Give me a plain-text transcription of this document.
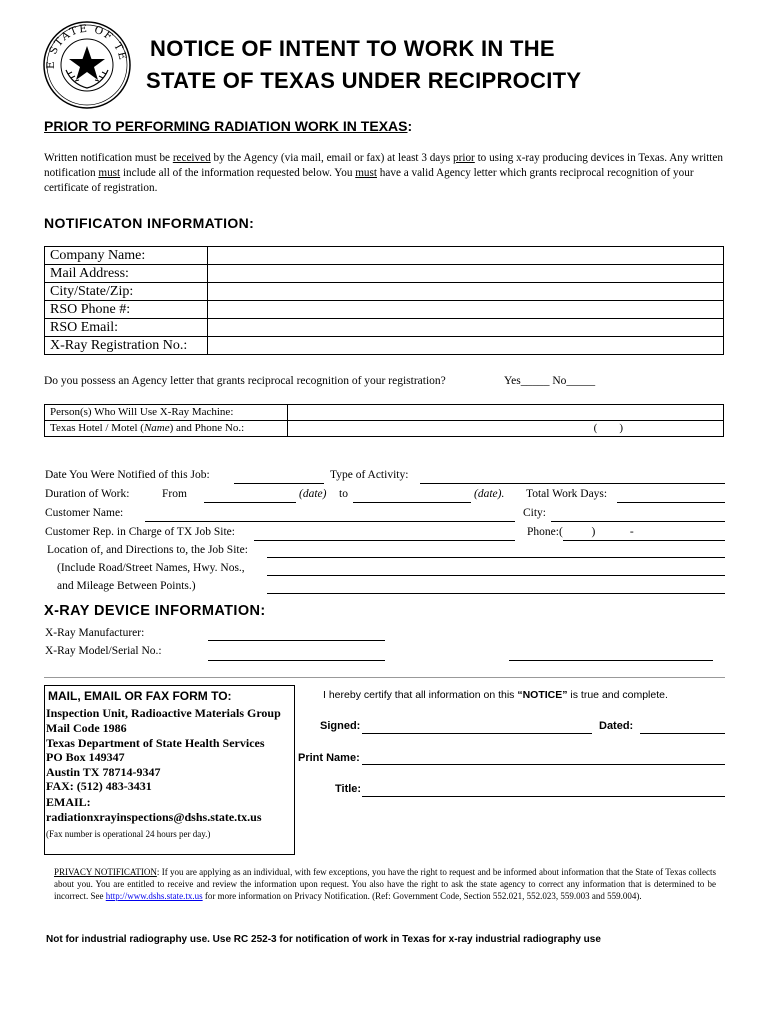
E STATE OF TE NOTICE OF INTENT TO WORK IN THE
STATE OF TEXAS UNDER RECIPROCITY
PRIOR TO PERFORMING RADIATION WORK IN TEXAS:
Written notification must be received by the Agency (via mail, email or fax) at least 3 days prior to using x-ray producing devices in Texas. Any written notification must include all of the information requested below. You must have a valid Agency letter which grants reciprocal recognition of your certificate of registration.
NOTIFICATON INFORMATION:
Company Name:	
Mail Address:	
City/State/Zip:	
RSO Phone #:	
RSO Email:	
X-Ray Registration No.:	
Do you possess an Agency letter that grants reciprocal recognition of your registration?	Yes_____ No_____
Person(s) Who Will Use X-Ray Machine:	
Texas Hotel / Motel (Name) and Phone No.:	(        )
Date You Were Notified of this Job:	Type of Activity:
Duration of Work:	From	(date) to	(date). Total Work Days:
Customer Name:	City:
Customer Rep. in Charge of TX Job Site:	Phone:(          )            -
Location of, and Directions to, the Job Site:
(Include Road/Street Names, Hwy. Nos.,
and Mileage Between Points.)
X-RAY DEVICE INFORMATION:
X-Ray Manufacturer:
X-Ray Model/Serial No.:
MAIL, EMAIL OR FAX FORM TO:
Inspection Unit, Radioactive Materials Group
Mail Code 1986
Texas Department of State Health Services
PO Box 149347
Austin TX 78714-9347
FAX: (512) 483-3431
EMAIL:
radiationxrayinspections@dshs.state.tx.us
(Fax number is operational 24 hours per day.)
I hereby certify that all information on this “NOTICE” is true and complete.
Signed:	Dated:
Print Name:
Title:
PRIVACY NOTIFICATION: If you are applying as an individual, with few exceptions, you have the right to request and be informed about information that the State of Texas collects about you. You are entitled to receive and review the information upon request. You also have the right to ask the state agency to correct any information that is determined to be incorrect. See http://www.dshs.state.tx.us for more information on Privacy Notification. (Ref: Government Code, Section 552.021, 552.023, 559.003 and 559.004).
Not for industrial radiography use. Use RC 252-3 for notification of work in Texas for x-ray industrial radiography use
